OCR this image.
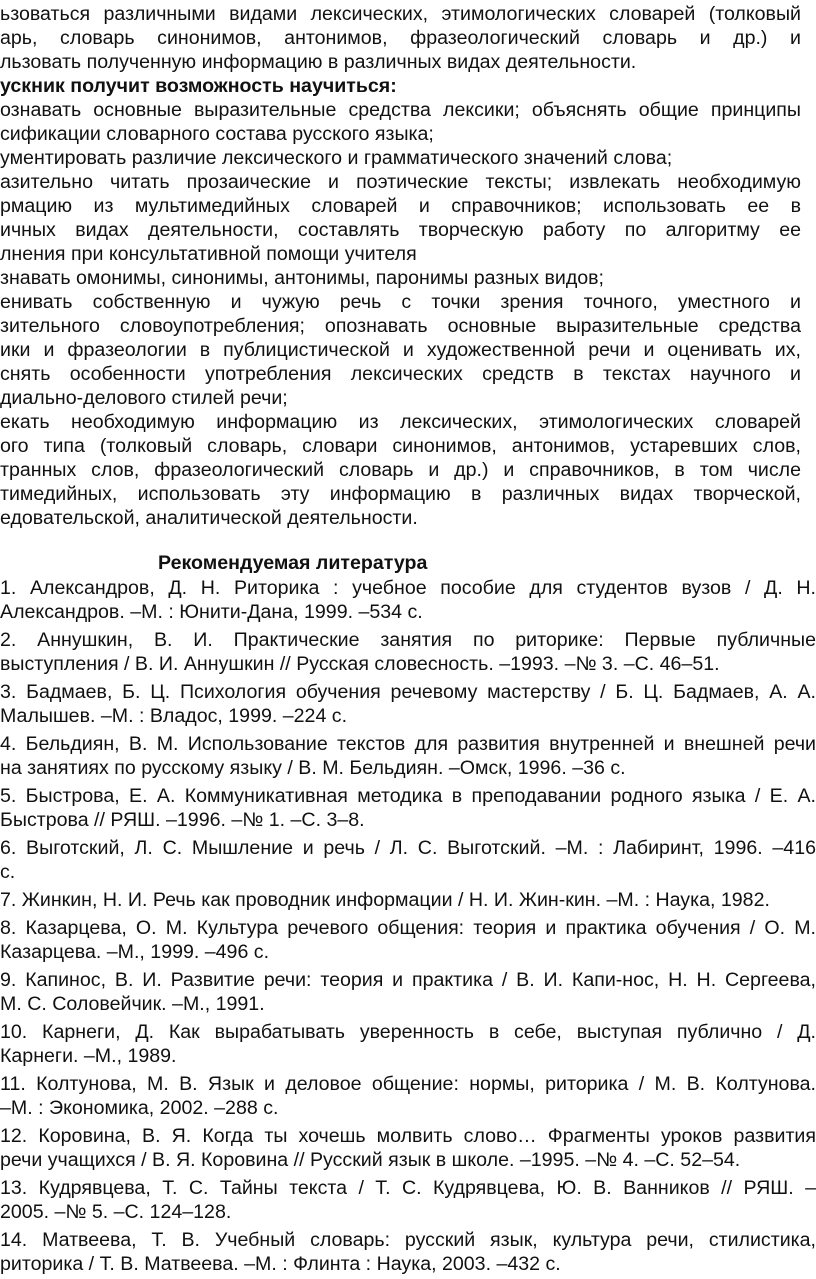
ьзоваться различными видами лексических, этимологических словарей (толковый
арь, словарь синонимов, антонимов, фразеологический словарь и др.) и
льзовать полученную информацию в различных видах деятельности.
ускник получит возможность научиться:
ознавать основные выразительные средства лексики; объяснять общие принципы
сификации словарного состава русского языка;
ументировать различие лексического и грамматического значений слова;
азительно читать прозаические и поэтические тексты; извлекать необходимую
рмацию из мультимедийных словарей и справочников; использовать ее в
ичных видах деятельности, составлять творческую работу по алгоритму ее
лнения при консультативной помощи учителя
знавать омонимы, синонимы, антонимы, паронимы разных видов;
енивать собственную и чужую речь с точки зрения точного, уместного и
зительного словоупотребления; опознавать основные выразительные средства
ики и фразеологии в публицистической и художественной речи и оценивать их,
снять особенности употребления лексических средств в текстах научного и
диально-делового стилей речи;
екать необходимую информацию из лексических, этимологических словарей
ого типа (толковый словарь, словари синонимов, антонимов, устаревших слов,
транных слов, фразеологический словарь и др.) и справочников, в том числе
тимедийных, использовать эту информацию в различных видах творческой,
едовательской, аналитической деятельности.
Рекомендуемая литература
1. Александров, Д. Н. Риторика : учебное пособие для студентов вузов / Д. Н.
Александров. –М. : Юнити-Дана, 1999. –534 с.
2. Аннушкин, В. И. Практические занятия по риторике: Первые публичные
выступления / В. И. Аннушкин // Русская словесность. –1993. –№ 3. –С. 46–51.
3. Бадмаев, Б. Ц. Психология обучения речевому мастерству / Б. Ц. Бадмаев, А. А.
Малышев. –М. : Владос, 1999. –224 с.
4. Бельдиян, В. М. Использование текстов для развития внутренней и внешней речи
на занятиях по русскому языку / В. М. Бельдиян. –Омск, 1996. –36 с.
5. Быстрова, Е. А. Коммуникативная методика в преподавании родного языка / Е. А.
Быстрова // РЯШ. –1996. –№ 1. –С. 3–8.
6. Выготский, Л. С. Мышление и речь / Л. С. Выготский. –М. : Лабиринт, 1996. –416
с.
7. Жинкин, Н. И. Речь как проводник информации / Н. И. Жин-кин. –М. : Наука, 1982.
8. Казарцева, О. М. Культура речевого общения: теория и практика обучения / О. М.
Казарцева. –М., 1999. –496 с.
9. Капинос, В. И. Развитие речи: теория и практика / В. И. Капи-нос, Н. Н. Сергеева,
М. С. Соловейчик. –М., 1991.
10. Карнеги, Д. Как вырабатывать уверенность в себе, выступая публично / Д.
Карнеги. –М., 1989.
11. Колтунова, М. В. Язык и деловое общение: нормы, риторика / М. В. Колтунова.
–М. : Экономика, 2002. –288 с.
12. Коровина, В. Я. Когда ты хочешь молвить слово… Фрагменты уроков развития
речи учащихся / В. Я. Коровина // Русский язык в школе. –1995. –№ 4. –С. 52–54.
13. Кудрявцева, Т. С. Тайны текста / Т. С. Кудрявцева, Ю. В. Ванников // РЯШ. –
2005. –№ 5. –С. 124–128.
14. Матвеева, Т. В. Учебный словарь: русский язык, культура речи, стилистика,
риторика / Т. В. Матвеева. –М. : Флинта : Наука, 2003. –432 с.
